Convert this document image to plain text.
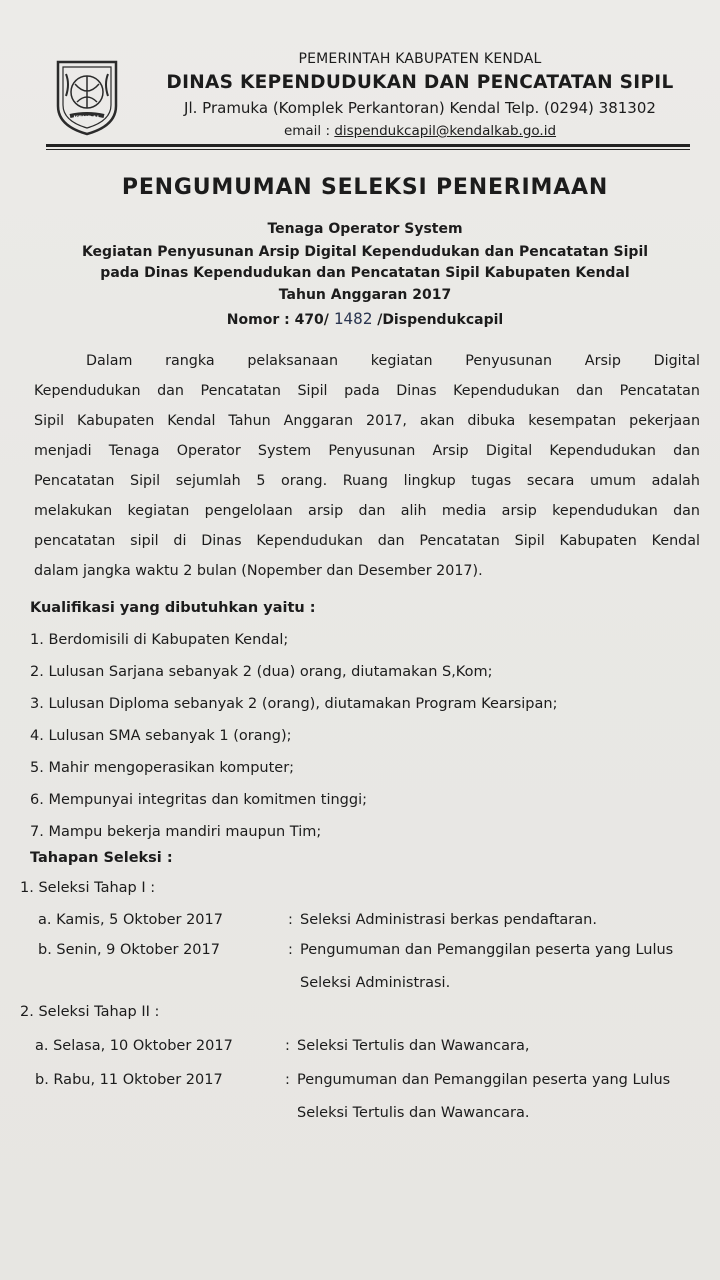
KENDAL
PEMERINTAH KABUPATEN KENDAL
DINAS KEPENDUDUKAN DAN PENCATATAN SIPIL
Jl. Pramuka (Komplek Perkantoran) Kendal Telp. (0294) 381302
email : dispendukcapil@kendalkab.go.id
PENGUMUMAN SELEKSI PENERIMAAN
Tenaga Operator System
Kegiatan Penyusunan Arsip Digital Kependudukan dan Pencatatan Sipil
pada Dinas Kependudukan dan Pencatatan Sipil Kabupaten Kendal
Tahun Anggaran 2017
Nomor : 470/ 1482 /Dispendukcapil
Dalam rangka pelaksanaan kegiatan Penyusunan Arsip Digital
Kependudukan dan Pencatatan Sipil pada Dinas Kependudukan dan Pencatatan
Sipil Kabupaten Kendal Tahun Anggaran 2017, akan dibuka kesempatan pekerjaan
menjadi Tenaga Operator System Penyusunan Arsip Digital Kependudukan dan
Pencatatan Sipil sejumlah 5 orang. Ruang lingkup tugas secara umum adalah
melakukan kegiatan pengelolaan arsip dan alih media arsip kependudukan dan
pencatatan sipil di Dinas Kependudukan dan Pencatatan Sipil Kabupaten Kendal
dalam jangka waktu 2 bulan (Nopember dan Desember 2017).
Kualifikasi yang dibutuhkan yaitu :
1. Berdomisili di Kabupaten Kendal;
2. Lulusan Sarjana sebanyak 2 (dua) orang, diutamakan S,Kom;
3. Lulusan Diploma sebanyak 2 (orang), diutamakan Program Kearsipan;
4. Lulusan SMA sebanyak 1 (orang);
5. Mahir mengoperasikan komputer;
6. Mempunyai integritas dan komitmen tinggi;
7. Mampu bekerja mandiri maupun Tim;
Tahapan Seleksi :
1. Seleksi Tahap I :
a. Kamis, 5 Oktober 2017	: Seleksi Administrasi berkas pendaftaran.
b. Senin, 9 Oktober 2017	: Pengumuman dan Pemanggilan peserta yang Lulus Seleksi Administrasi.
2. Seleksi Tahap II :
a. Selasa, 10 Oktober 2017	: Seleksi Tertulis dan Wawancara,
b. Rabu, 11 Oktober 2017	: Pengumuman dan Pemanggilan peserta yang Lulus Seleksi Tertulis dan Wawancara.
